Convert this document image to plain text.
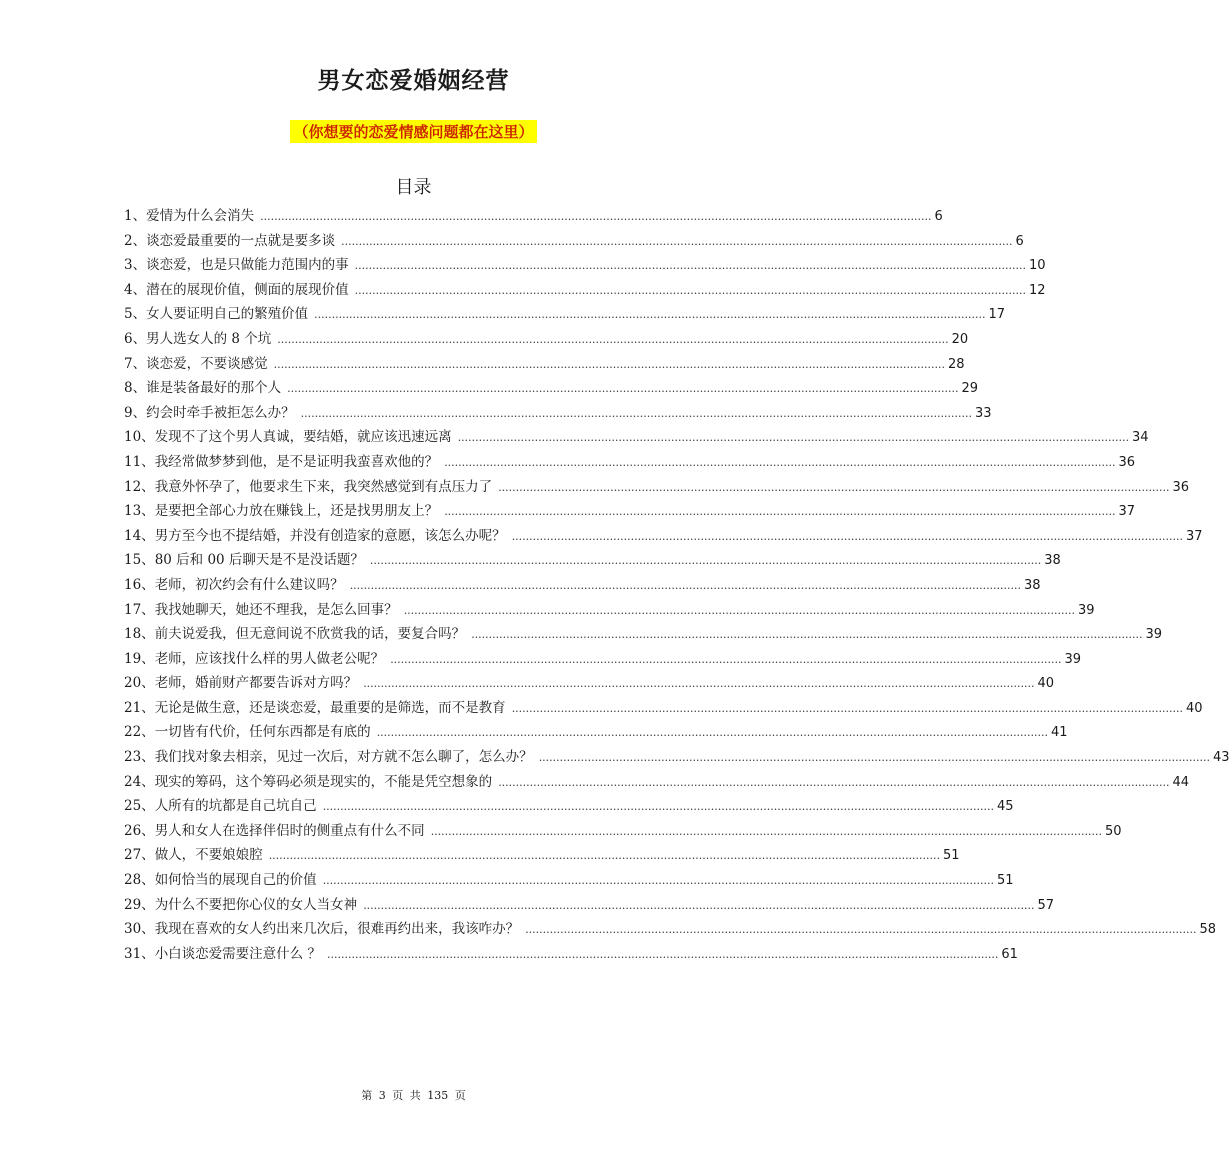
男女恋爱婚姻经营
（你想要的恋爱情感问题都在这里）
目录
1、 爱情为什么会消失 .....	6
2、 谈恋爱最重要的一点就是要多谈 .....	6
3、 谈恋爱，也是只做能力范围内的事 .....	10
4、 潜在的展现价值，侧面的展现价值 .....	12
5、 女人要证明自己的繁殖价值 .....	17
6、 男人选女人的 8 个坑 .....	20
7、 谈恋爱，不要谈感觉 .....	28
8、 谁是装备最好的那个人 .....	29
9、 约会时牵手被拒怎么办？ .....	33
10、 发现不了这个男人真诚，要结婚，就应该迅速远离 .....	34
11、 我经常做梦梦到他，是不是证明我蛮喜欢他的？ .....	36
12、 我意外怀孕了，他要求生下来，我突然感觉到有点压力了 .....	36
13、 是要把全部心力放在赚钱上，还是找男朋友上？ .....	37
14、 男方至今也不提结婚，并没有创造家的意愿，该怎么办呢？ .....	37
15、 80 后和 00 后聊天是不是没话题？ .....	38
16、 老师，初次约会有什么建议吗？ .....	38
17、 我找她聊天，她还不理我，是怎么回事？ .....	39
18、 前夫说爱我，但无意间说不欣赏我的话，要复合吗？ .....	39
19、 老师，应该找什么样的男人做老公呢？ .....	39
20、 老师，婚前财产都要告诉对方吗？ .....	40
21、 无论是做生意，还是谈恋爱，最重要的是筛选，而不是教育 .....	40
22、 一切皆有代价，任何东西都是有底的 .....	41
23、 我们找对象去相亲，见过一次后，对方就不怎么聊了，怎么办？ .....	43
24、 现实的筹码，这个筹码必须是现实的，不能是凭空想象的 .....	44
25、 人所有的坑都是自己坑自己 .....	45
26、 男人和女人在选择伴侣时的侧重点有什么不同 .....	50
27、 做人，不要娘娘腔 .....	51
28、 如何恰当的展现自己的价值 .....	51
29、 为什么不要把你心仪的女人当女神 .....	57
30、 我现在喜欢的女人约出来几次后，很难再约出来，我该咋办？ .....	58
31、 小白谈恋爱需要注意什么 ？ .....	61
第 3 页 共 135 页
